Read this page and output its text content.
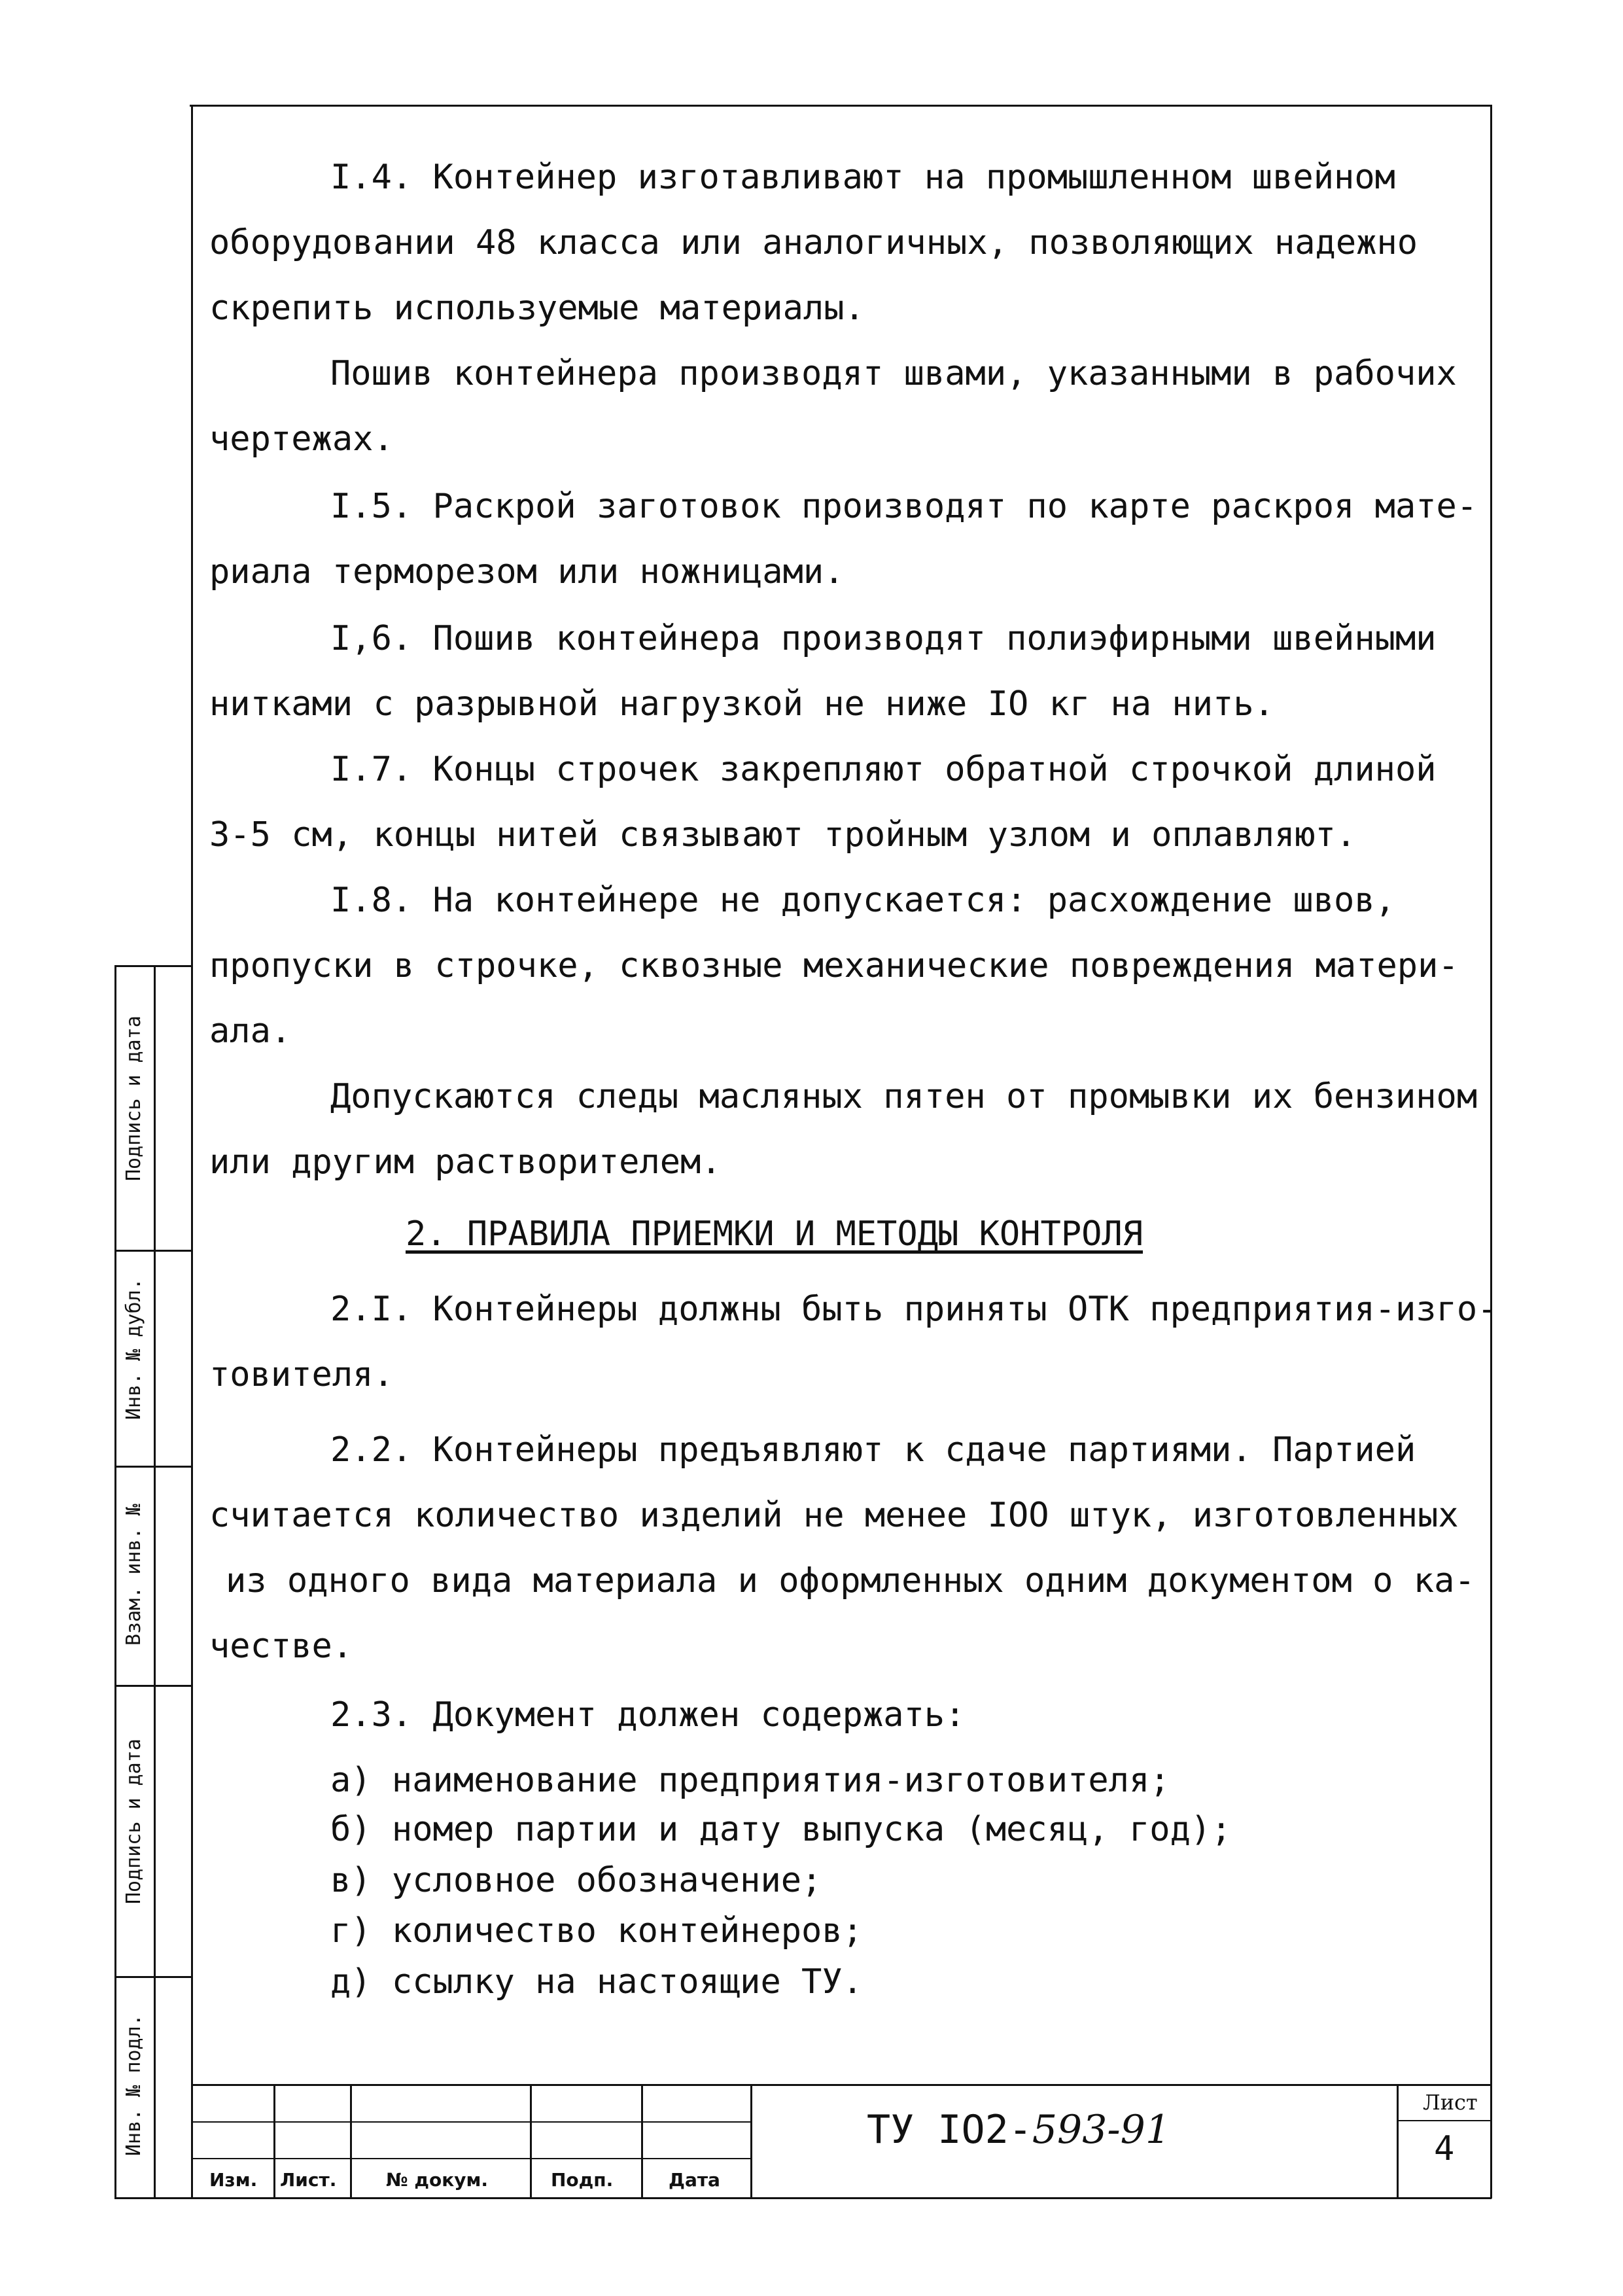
Подпись и дата
Инв. № дубл.
Взам. инв. №
Подпись и дата
Инв. № подл.
I.4. Контейнер изготавливают на промышленном швейном
оборудовании 48 класса или аналогичных, позволяющих надежно
скрепить используемые материалы.
Пошив контейнера производят швами, указанными в рабочих
чертежах.
I.5. Раскрой заготовок производят по карте раскроя мате-
риала терморезом или ножницами.
I,6. Пошив контейнера производят полиэфирными швейными
нитками с разрывной нагрузкой не ниже IO кг на нить.
I.7. Концы строчек закрепляют обратной строчкой длиной
3-5 см, концы нитей связывают тройным узлом и оплавляют.
I.8. На контейнере не допускается: расхождение швов,
пропуски в строчке, сквозные механические повреждения матери-
ала.
Допускаются следы масляных пятен от промывки их бензином
или другим растворителем.
2. ПРАВИЛА ПРИЕМКИ И МЕТОДЫ КОНТРОЛЯ
2.I. Контейнеры должны быть приняты ОТК предприятия-изго-
товителя.
2.2. Контейнеры предъявляют к сдаче партиями. Партией
считается количество изделий не менее IOO штук, изготовленных
из одного вида материала и оформленных одним документом о ка-
честве.
2.3. Документ должен содержать:
а) наименование предприятия-изготовителя;
б) номер партии и дату выпуска (месяц, год);
в) условное обозначение;
г) количество контейнеров;
д) ссылку на настоящие ТУ.
Изм. Лист.	№ докум.	Подп.	Дата
ТУ IO2-593-91
Лист
4
